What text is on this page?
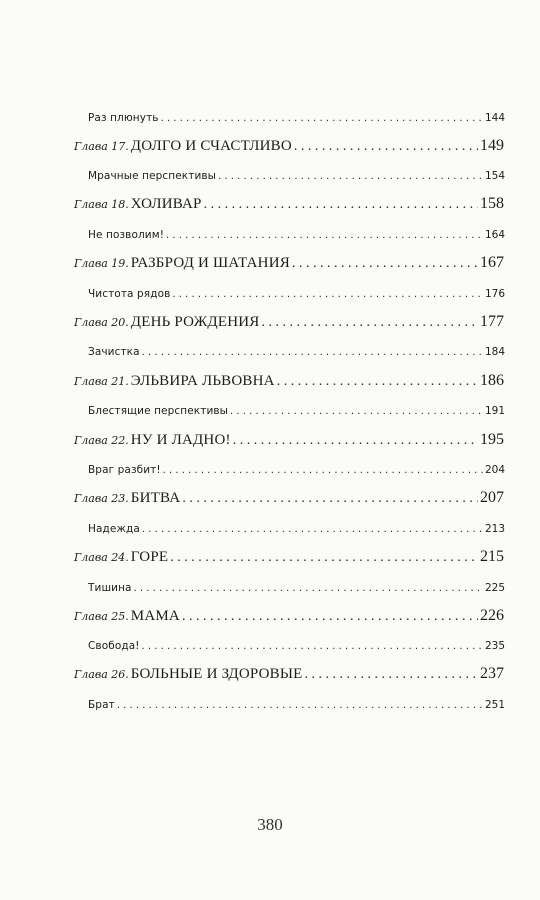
Раз плюнуть . . .	144
Глава 17. ДОЛГО И СЧАСТЛИВО . . .	149
Мрачные перспективы . . .	154
Глава 18. ХОЛИВАР . . .	158
Не позволим! . . .	164
Глава 19. РАЗБРОД И ШАТАНИЯ . . .	167
Чистота рядов . . .	176
Глава 20. ДЕНЬ РОЖДЕНИЯ . . .	177
Зачистка . . .	184
Глава 21. ЭЛЬВИРА ЛЬВОВНА . . .	186
Блестящие перспективы . . .	191
Глава 22. НУ И ЛАДНО! . . .	195
Враг разбит! . . .	204
Глава 23. БИТВА . . .	207
Надежда . . .	213
Глава 24. ГОРЕ . . .	215
Тишина . . .	225
Глава 25. МАМА . . .	226
Свобода! . . .	235
Глава 26. БОЛЬНЫЕ И ЗДОРОВЫЕ . . .	237
Брат . . .	251
380
